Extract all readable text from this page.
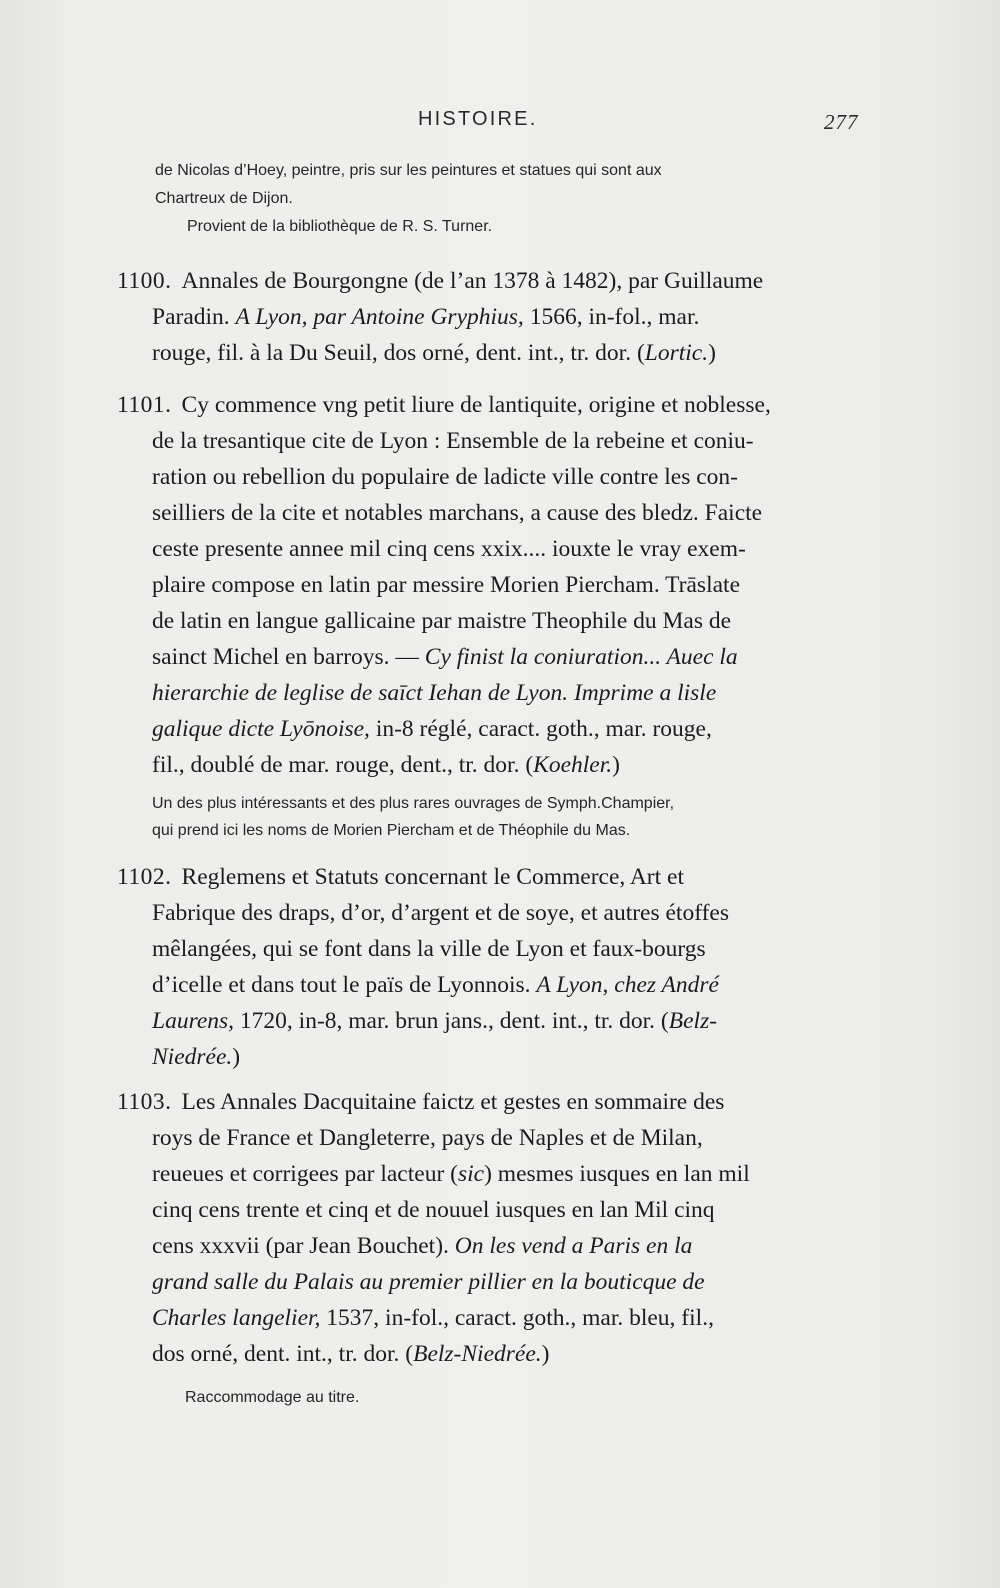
HISTOIRE.	277
de Nicolas d’Hoey, peintre, pris sur les peintures et statues qui sont aux
Chartreux de Dijon.
Provient de la bibliothèque de R. S. Turner.
1100. Annales de Bourgongne (de l’an 1378 à 1482), par Guillaume
Paradin. A Lyon, par Antoine Gryphius, 1566, in-fol., mar.
rouge, fil. à la Du Seuil, dos orné, dent. int., tr. dor. (Lortic.)
1101. Cy commence vng petit liure de lantiquite, origine et noblesse,
de la tresantique cite de Lyon : Ensemble de la rebeine et coniu-
ration ou rebellion du populaire de ladicte ville contre les con-
seilliers de la cite et notables marchans, a cause des bledz. Faicte
ceste presente annee mil cinq cens xxix.... iouxte le vray exem-
plaire compose en latin par messire Morien Piercham. Trāslate
de latin en langue gallicaine par maistre Theophile du Mas de
sainct Michel en barroys. — Cy finist la coniuration... Auec la
hierarchie de leglise de saīct Iehan de Lyon. Imprime a lisle
galique dicte Lyōnoise, in-8 réglé, caract. goth., mar. rouge,
fil., doublé de mar. rouge, dent., tr. dor. (Koehler.)
Un des plus intéressants et des plus rares ouvrages de Symph.Champier,
qui prend ici les noms de Morien Piercham et de Théophile du Mas.
1102. Reglemens et Statuts concernant le Commerce, Art et
Fabrique des draps, d’or, d’argent et de soye, et autres étoffes
mêlangées, qui se font dans la ville de Lyon et faux-bourgs
d’icelle et dans tout le païs de Lyonnois. A Lyon, chez André
Laurens, 1720, in-8, mar. brun jans., dent. int., tr. dor. (Belz-
Niedrée.)
1103. Les Annales Dacquitaine faictz et gestes en sommaire des
roys de France et Dangleterre, pays de Naples et de Milan,
reueues et corrigees par lacteur (sic) mesmes iusques en lan mil
cinq cens trente et cinq et de nouuel iusques en lan Mil cinq
cens xxxvii (par Jean Bouchet). On les vend a Paris en la
grand salle du Palais au premier pillier en la bouticque de
Charles langelier, 1537, in-fol., caract. goth., mar. bleu, fil.,
dos orné, dent. int., tr. dor. (Belz-Niedrée.)
Raccommodage au titre.
